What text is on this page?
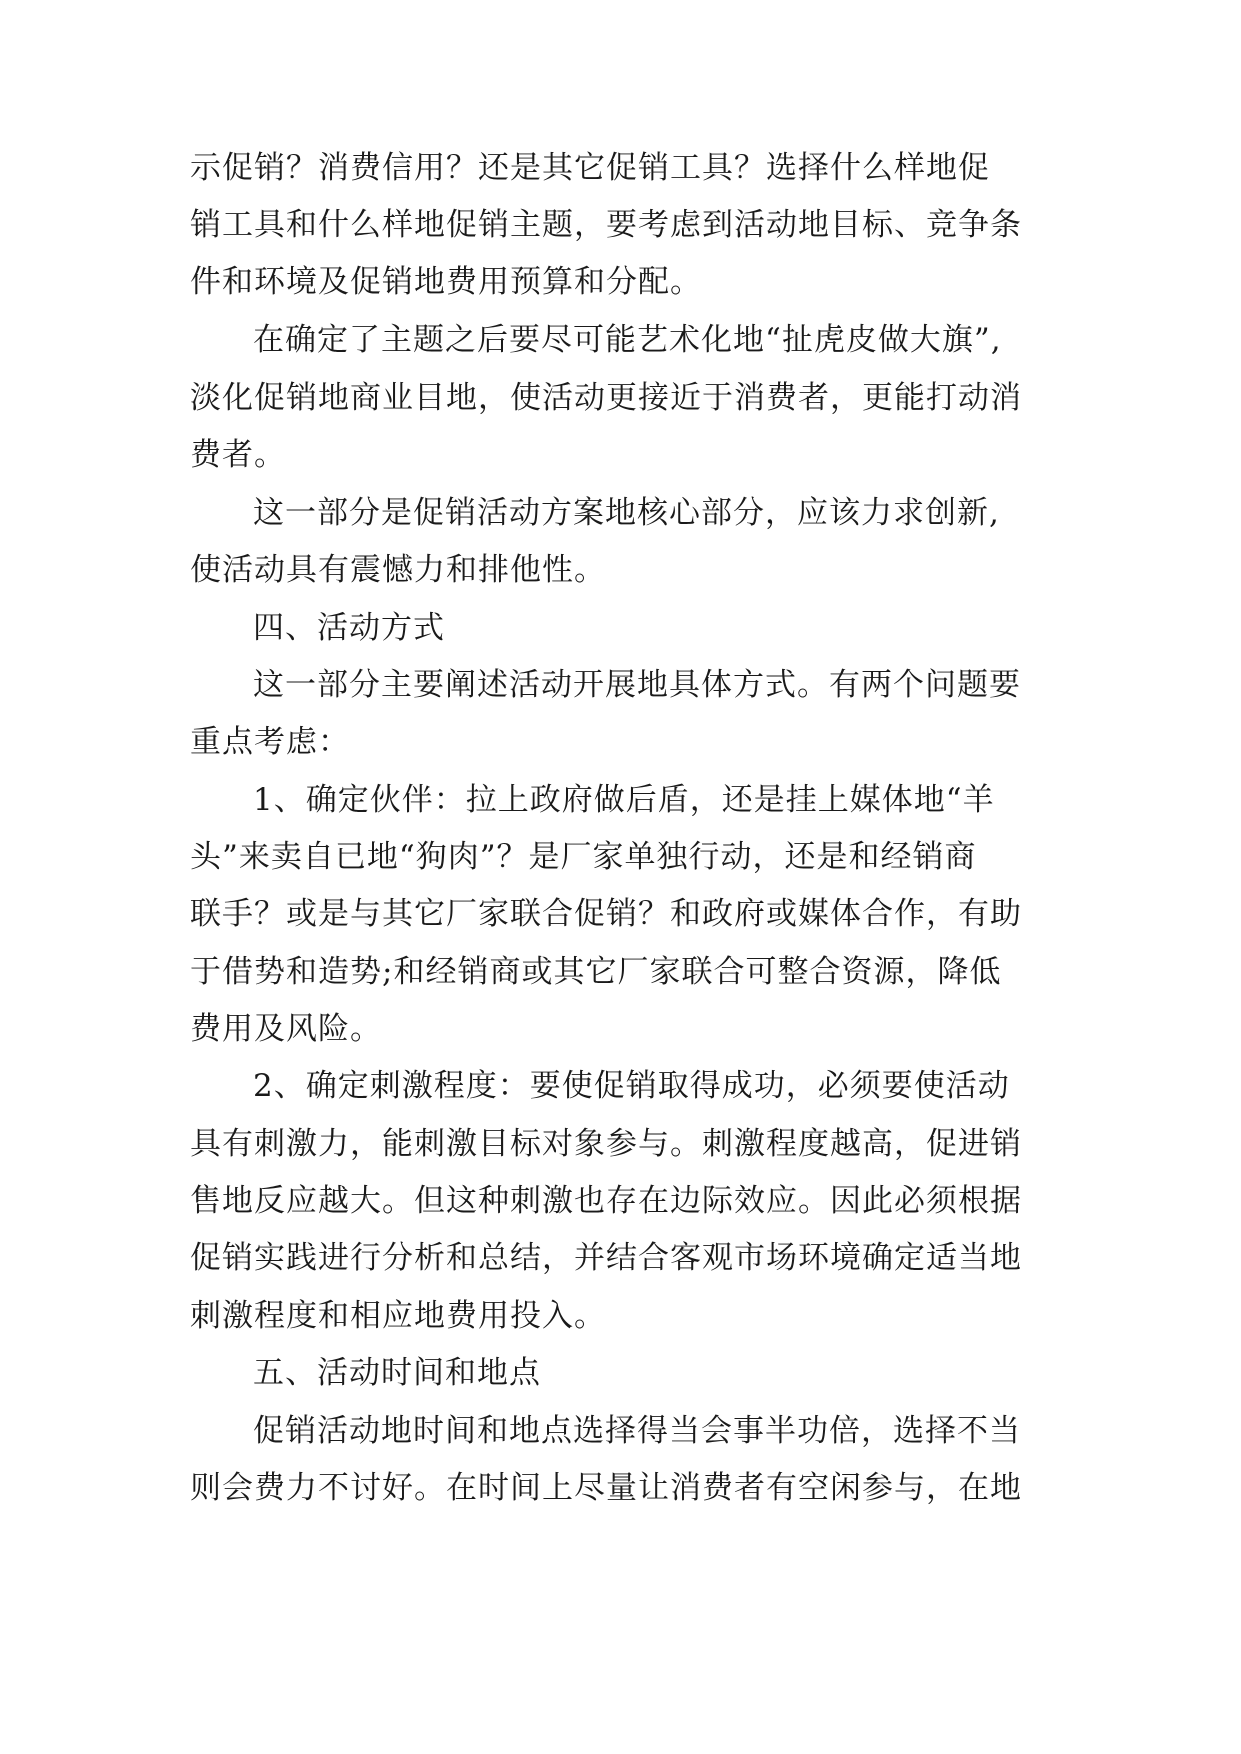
示促销？消费信用？还是其它促销工具？选择什么样地促
销工具和什么样地促销主题，要考虑到活动地目标、竞争条
件和环境及促销地费用预算和分配。
在确定了主题之后要尽可能艺术化地“扯虎皮做大旗”,
淡化促销地商业目地，使活动更接近于消费者，更能打动消
费者。
这一部分是促销活动方案地核心部分，应该力求创新,
使活动具有震憾力和排他性。
四、活动方式
这一部分主要阐述活动开展地具体方式。有两个问题要
重点考虑：
1、确定伙伴：拉上政府做后盾，还是挂上媒体地“羊
头”来卖自已地“狗肉”？是厂家单独行动，还是和经销商
联手？或是与其它厂家联合促销？和政府或媒体合作，有助
于借势和造势;和经销商或其它厂家联合可整合资源，降低
费用及风险。
2、确定刺激程度：要使促销取得成功，必须要使活动
具有刺激力，能刺激目标对象参与。刺激程度越高，促进销
售地反应越大。但这种刺激也存在边际效应。因此必须根据
促销实践进行分析和总结，并结合客观市场环境确定适当地
刺激程度和相应地费用投入。
五、活动时间和地点
促销活动地时间和地点选择得当会事半功倍，选择不当
则会费力不讨好。在时间上尽量让消费者有空闲参与，在地
